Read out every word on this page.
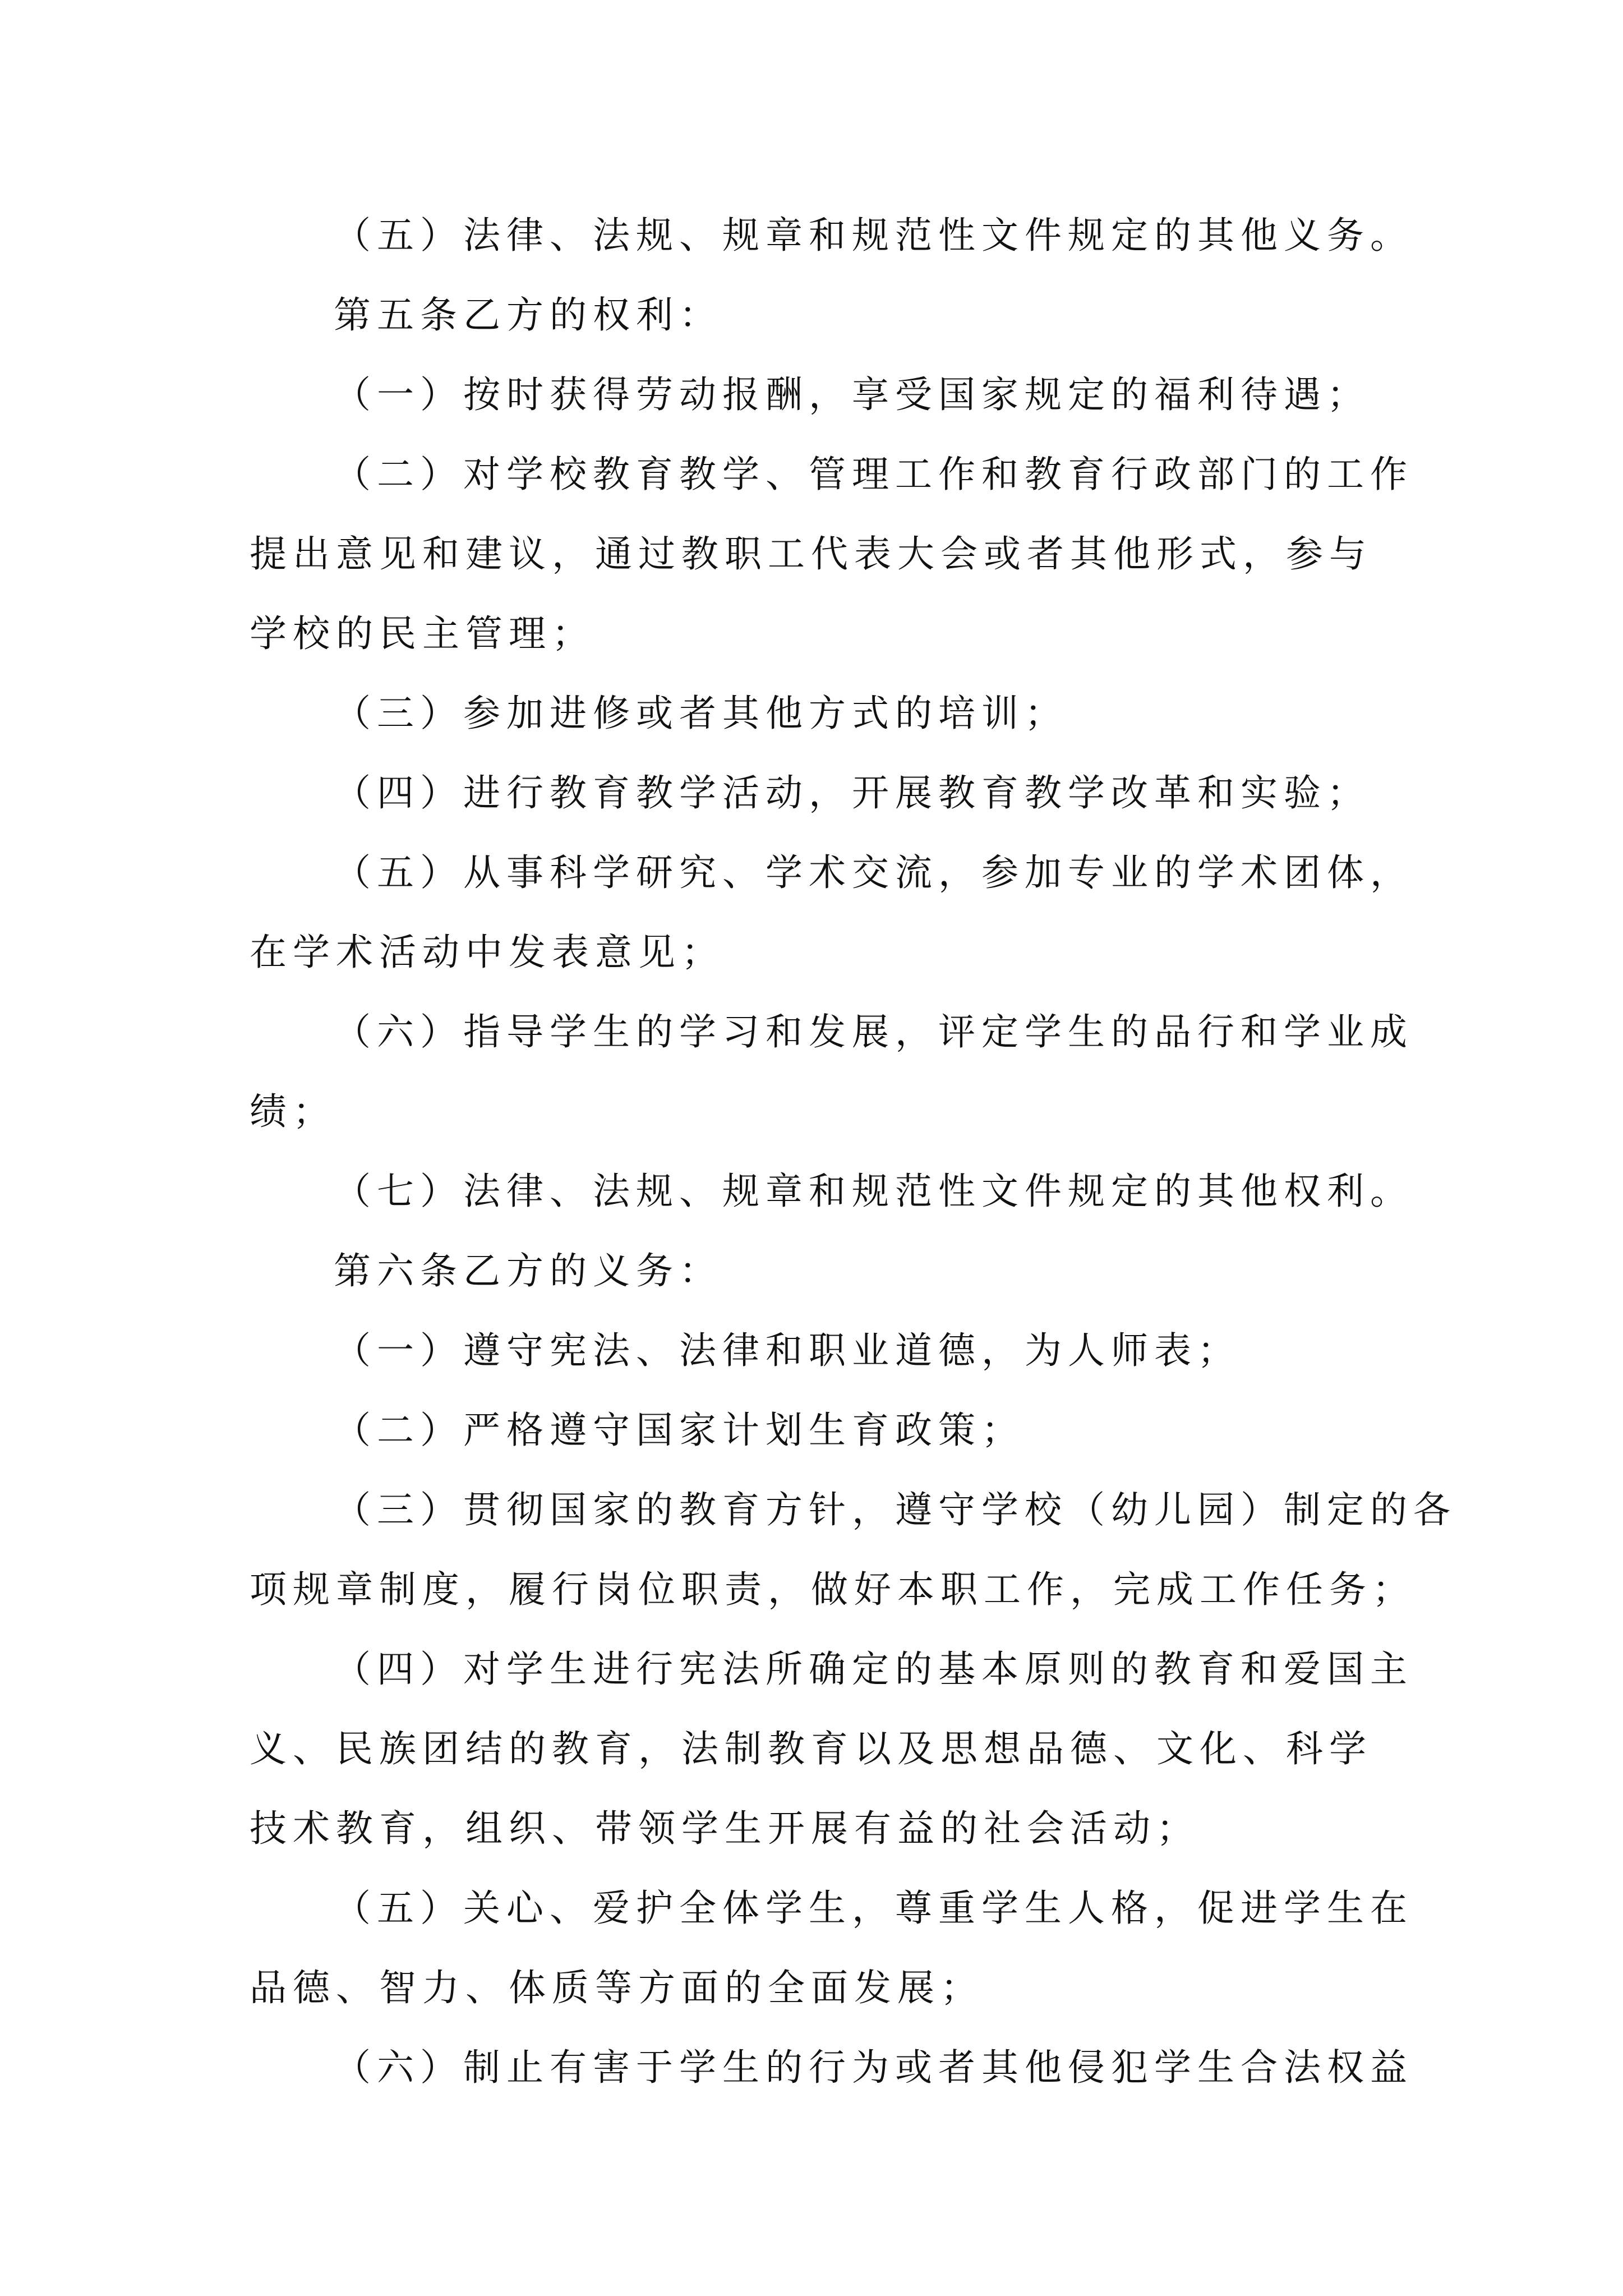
（五）法律、法规、规章和规范性文件规定的其他义务。
第五条乙方的权利：
（一）按时获得劳动报酬，享受国家规定的福利待遇；
（二）对学校教育教学、管理工作和教育行政部门的工作
提出意见和建议，通过教职工代表大会或者其他形式，参与
学校的民主管理；
（三）参加进修或者其他方式的培训；
（四）进行教育教学活动，开展教育教学改革和实验；
（五）从事科学研究、学术交流，参加专业的学术团体，
在学术活动中发表意见；
（六）指导学生的学习和发展，评定学生的品行和学业成
绩；
（七）法律、法规、规章和规范性文件规定的其他权利。
第六条乙方的义务：
（一）遵守宪法、法律和职业道德，为人师表；
（二）严格遵守国家计划生育政策；
（三）贯彻国家的教育方针，遵守学校（幼儿园）制定的各
项规章制度，履行岗位职责，做好本职工作，完成工作任务；
（四）对学生进行宪法所确定的基本原则的教育和爱国主
义、民族团结的教育，法制教育以及思想品德、文化、科学
技术教育，组织、带领学生开展有益的社会活动；
（五）关心、爱护全体学生，尊重学生人格，促进学生在
品德、智力、体质等方面的全面发展；
（六）制止有害于学生的行为或者其他侵犯学生合法权益
